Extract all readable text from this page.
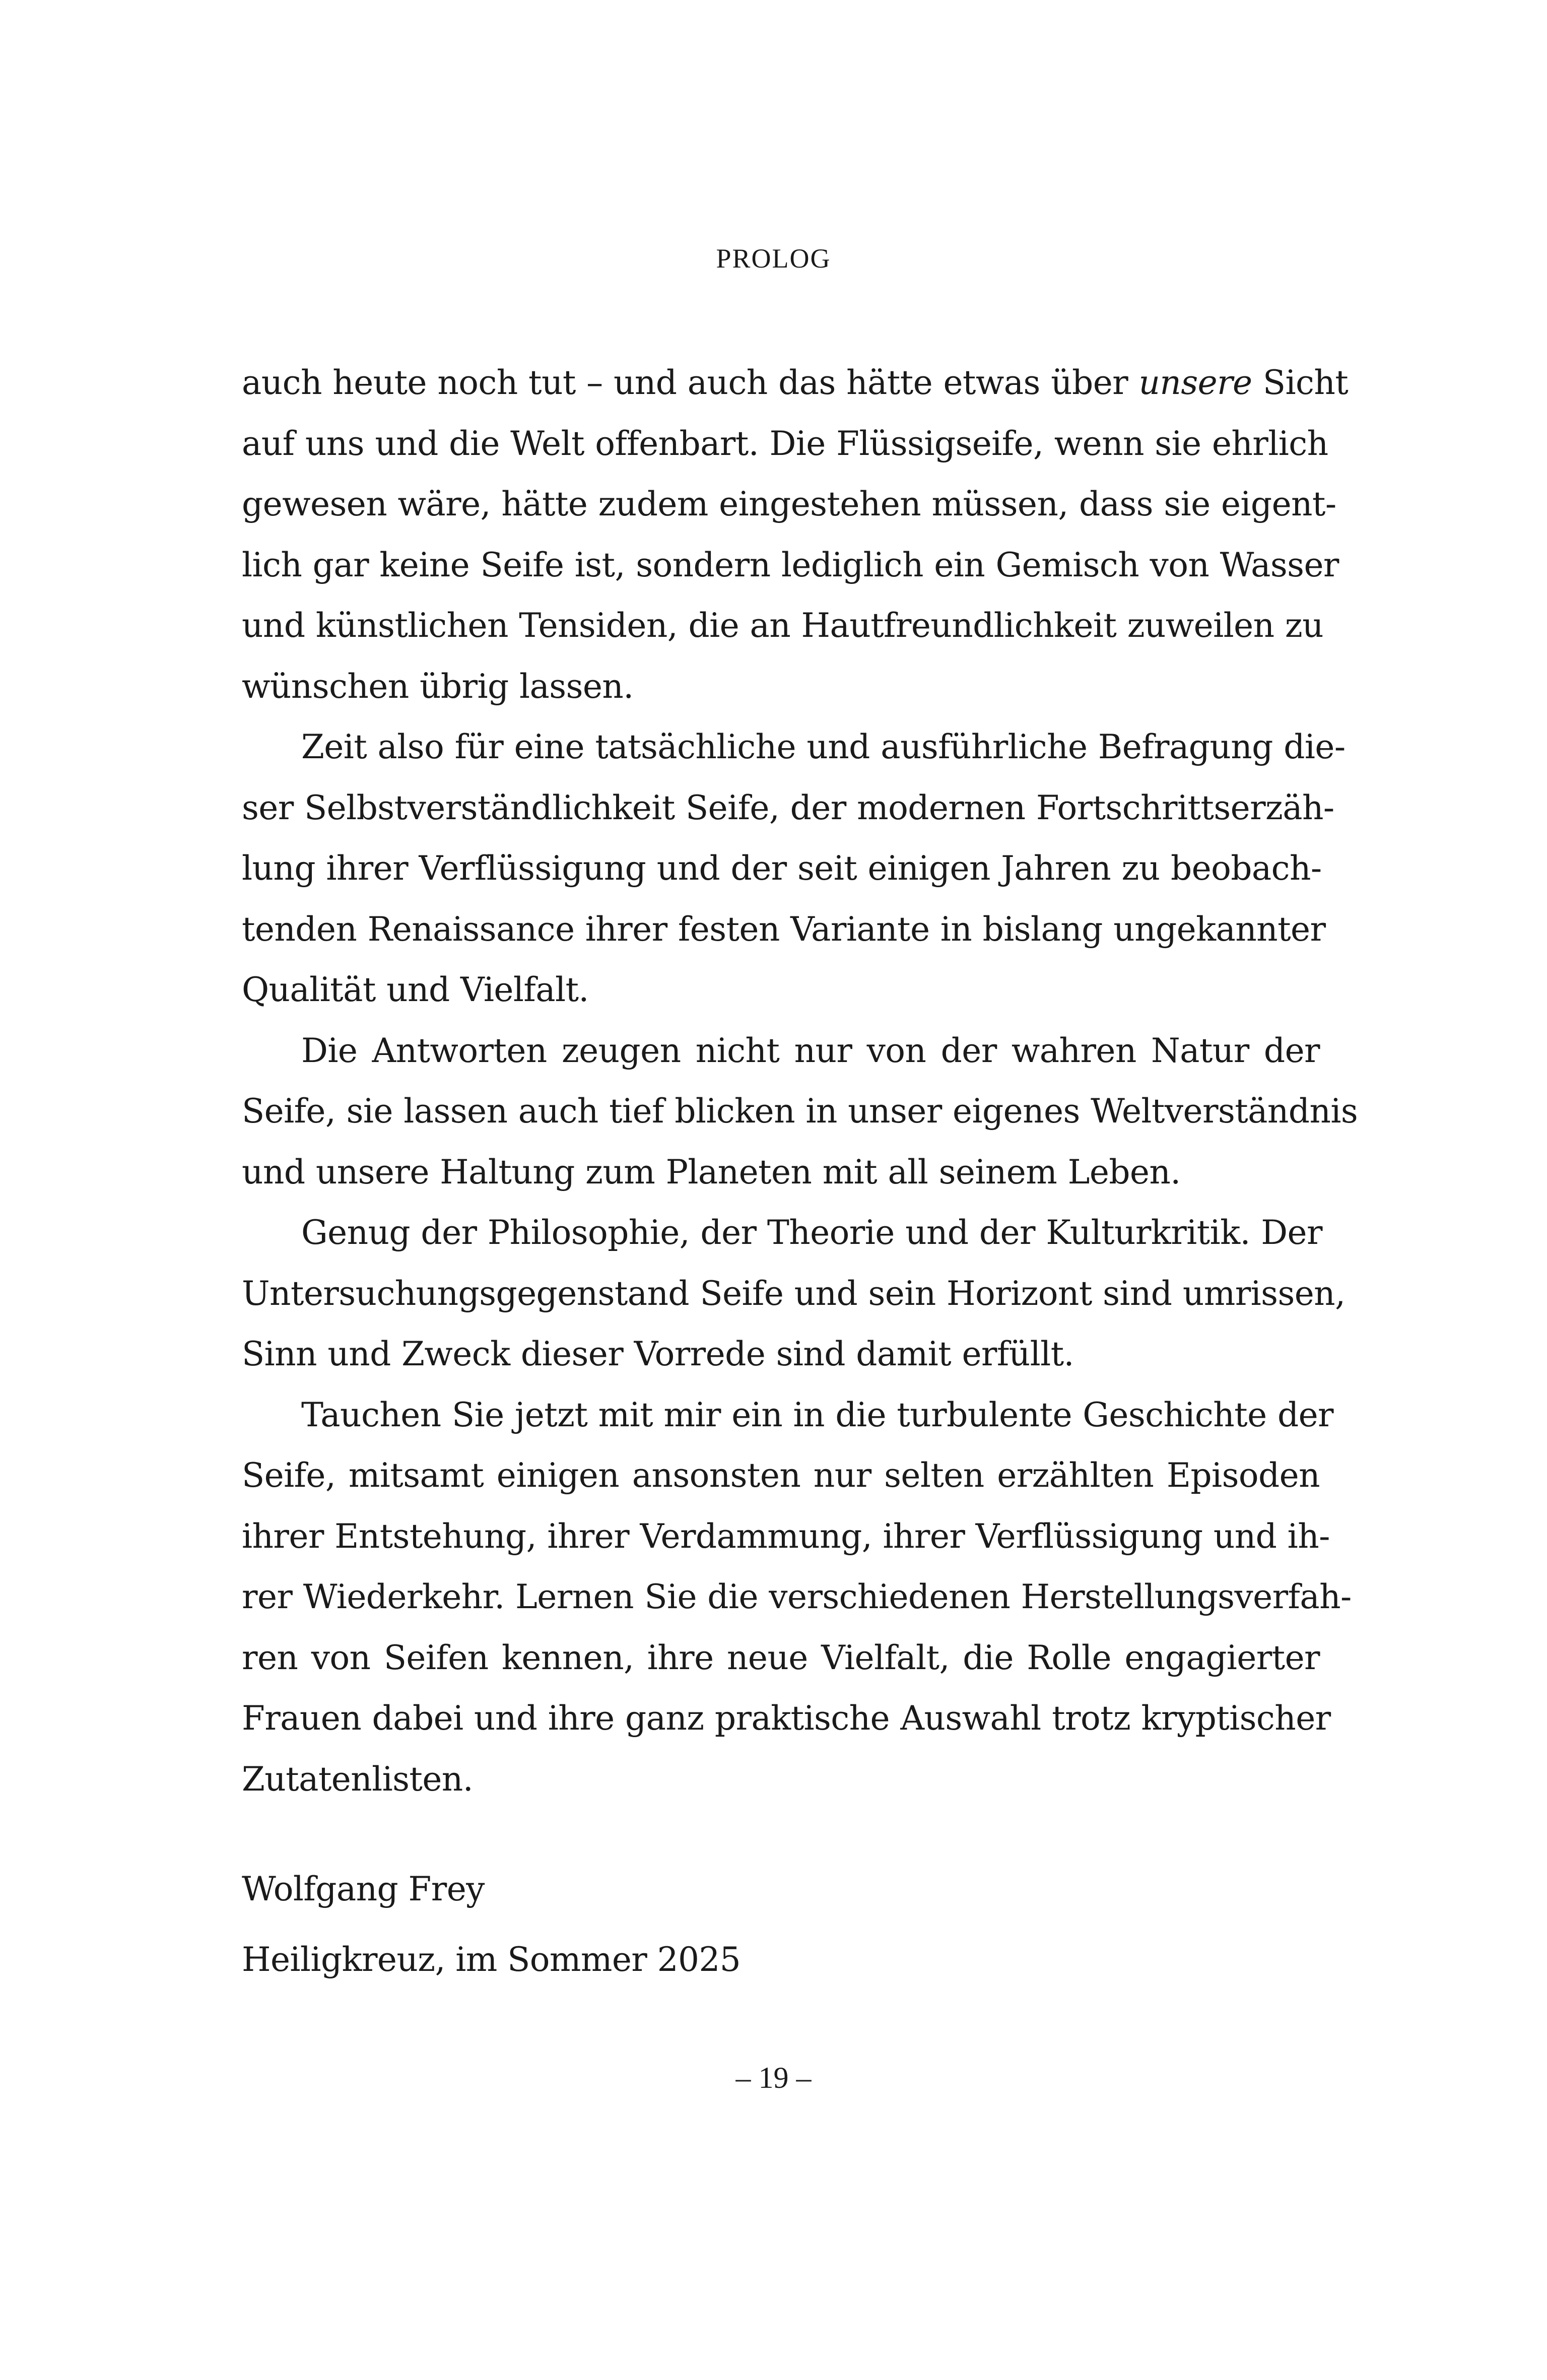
PROLOG
auch heute noch tut – und auch das hätte etwas über unsere Sicht
auf uns und die Welt offenbart. Die Flüssigseife, wenn sie ehrlich
gewesen wäre, hätte zudem eingestehen müssen, dass sie eigent-
lich gar keine Seife ist, sondern lediglich ein Gemisch von Wasser
und künstlichen Tensiden, die an Hautfreundlichkeit zuweilen zu
wünschen übrig lassen.
Zeit also für eine tatsächliche und ausführliche Befragung die-
ser Selbstverständlichkeit Seife, der modernen Fortschrittserzäh-
lung ihrer Verflüssigung und der seit einigen Jahren zu beobach-
tenden Renaissance ihrer festen Variante in bislang ungekannter
Qualität und Vielfalt.
Die Antworten zeugen nicht nur von der wahren Natur der
Seife, sie lassen auch tief blicken in unser eigenes Weltverständnis
und unsere Haltung zum Planeten mit all seinem Leben.
Genug der Philosophie, der Theorie und der Kulturkritik. Der
Untersuchungsgegenstand Seife und sein Horizont sind umrissen,
Sinn und Zweck dieser Vorrede sind damit erfüllt.
Tauchen Sie jetzt mit mir ein in die turbulente Geschichte der
Seife, mitsamt einigen ansonsten nur selten erzählten Episoden
ihrer Entstehung, ihrer Verdammung, ihrer Verflüssigung und ih-
rer Wiederkehr. Lernen Sie die verschiedenen Herstellungsverfah-
ren von Seifen kennen, ihre neue Vielfalt, die Rolle engagierter
Frauen dabei und ihre ganz praktische Auswahl trotz kryptischer
Zutatenlisten.
Wolfgang Frey
Heiligkreuz, im Sommer 2025
– 19 –
